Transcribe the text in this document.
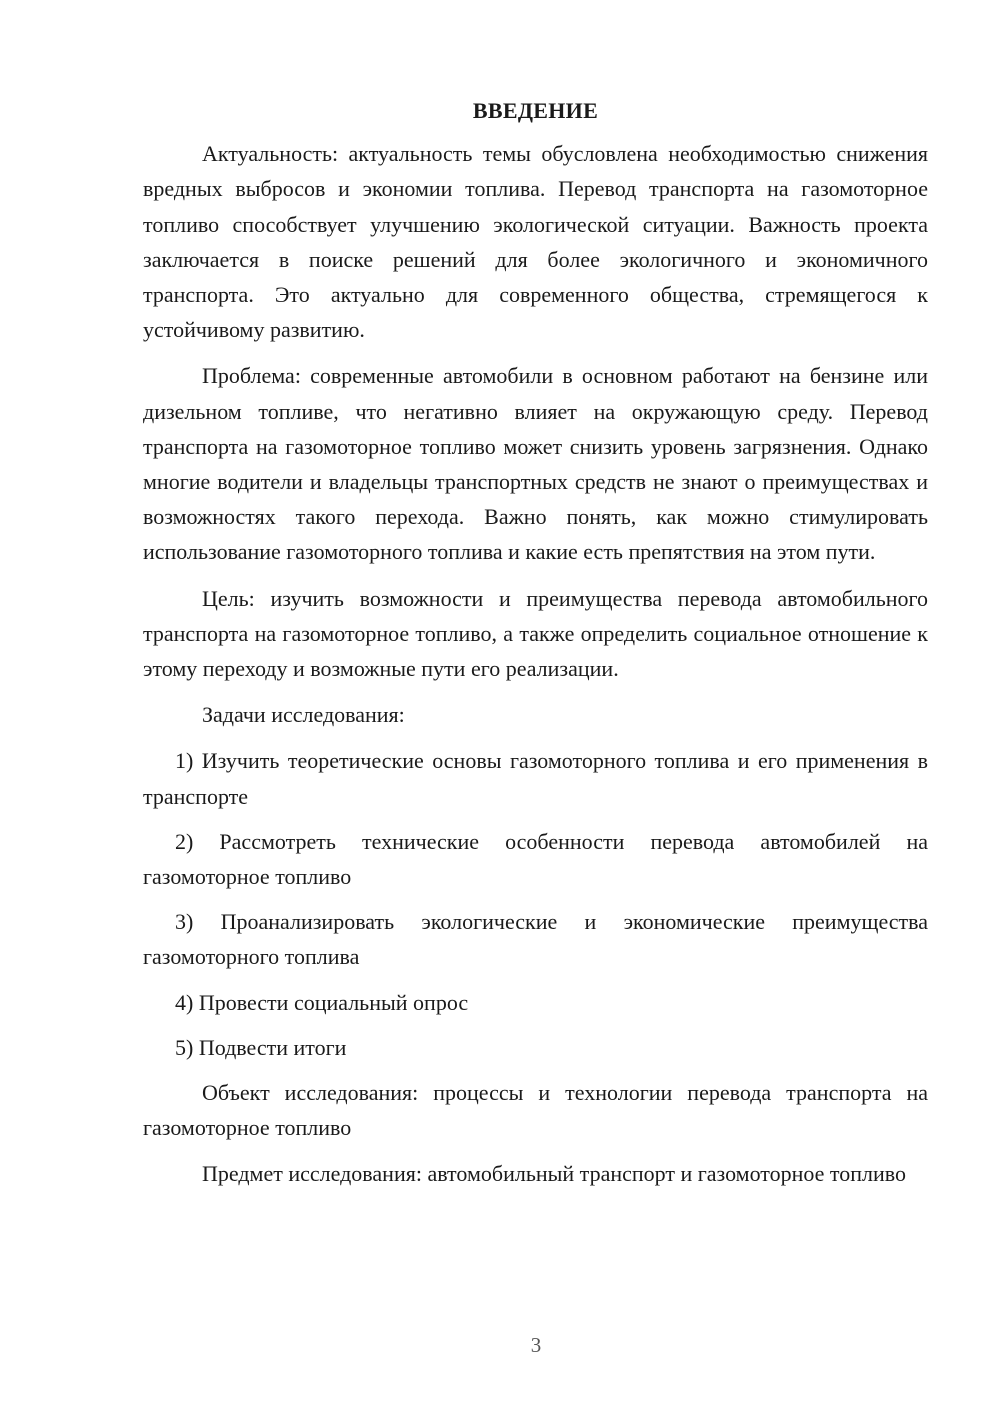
ВВЕДЕНИЕ

Актуальность: актуальность темы обусловлена необходимостью снижения вредных выбросов и экономии топлива. Перевод транспорта на газомоторное топливо способствует улучшению экологической ситуации. Важность проекта заключается в поиске решений для более экологичного и экономичного транспорта. Это актуально для современного общества, стремящегося к устойчивому развитию.

Проблема: современные автомобили в основном работают на бензине или дизельном топливе, что негативно влияет на окружающую среду. Перевод транспорта на газомоторное топливо может снизить уровень загрязнения. Однако многие водители и владельцы транспортных средств не знают о преимуществах и возможностях такого перехода. Важно понять, как можно стимулировать использование газомоторного топлива и какие есть препятствия на этом пути.

Цель: изучить возможности и преимущества перевода автомобильного транспорта на газомоторное топливо, а также определить социальное отношение к этому переходу и возможные пути его реализации.

Задачи исследования:

1) Изучить теоретические основы газомоторного топлива и его применения в транспорте

2) Рассмотреть технические особенности перевода автомобилей на газомоторное топливо

3) Проанализировать экологические и экономические преимущества газомоторного топлива

4) Провести социальный опрос

5) Подвести итоги

Объект исследования: процессы и технологии перевода транспорта на газомоторное топливо

Предмет исследования: автомобильный транспорт и газомоторное топливо

3
